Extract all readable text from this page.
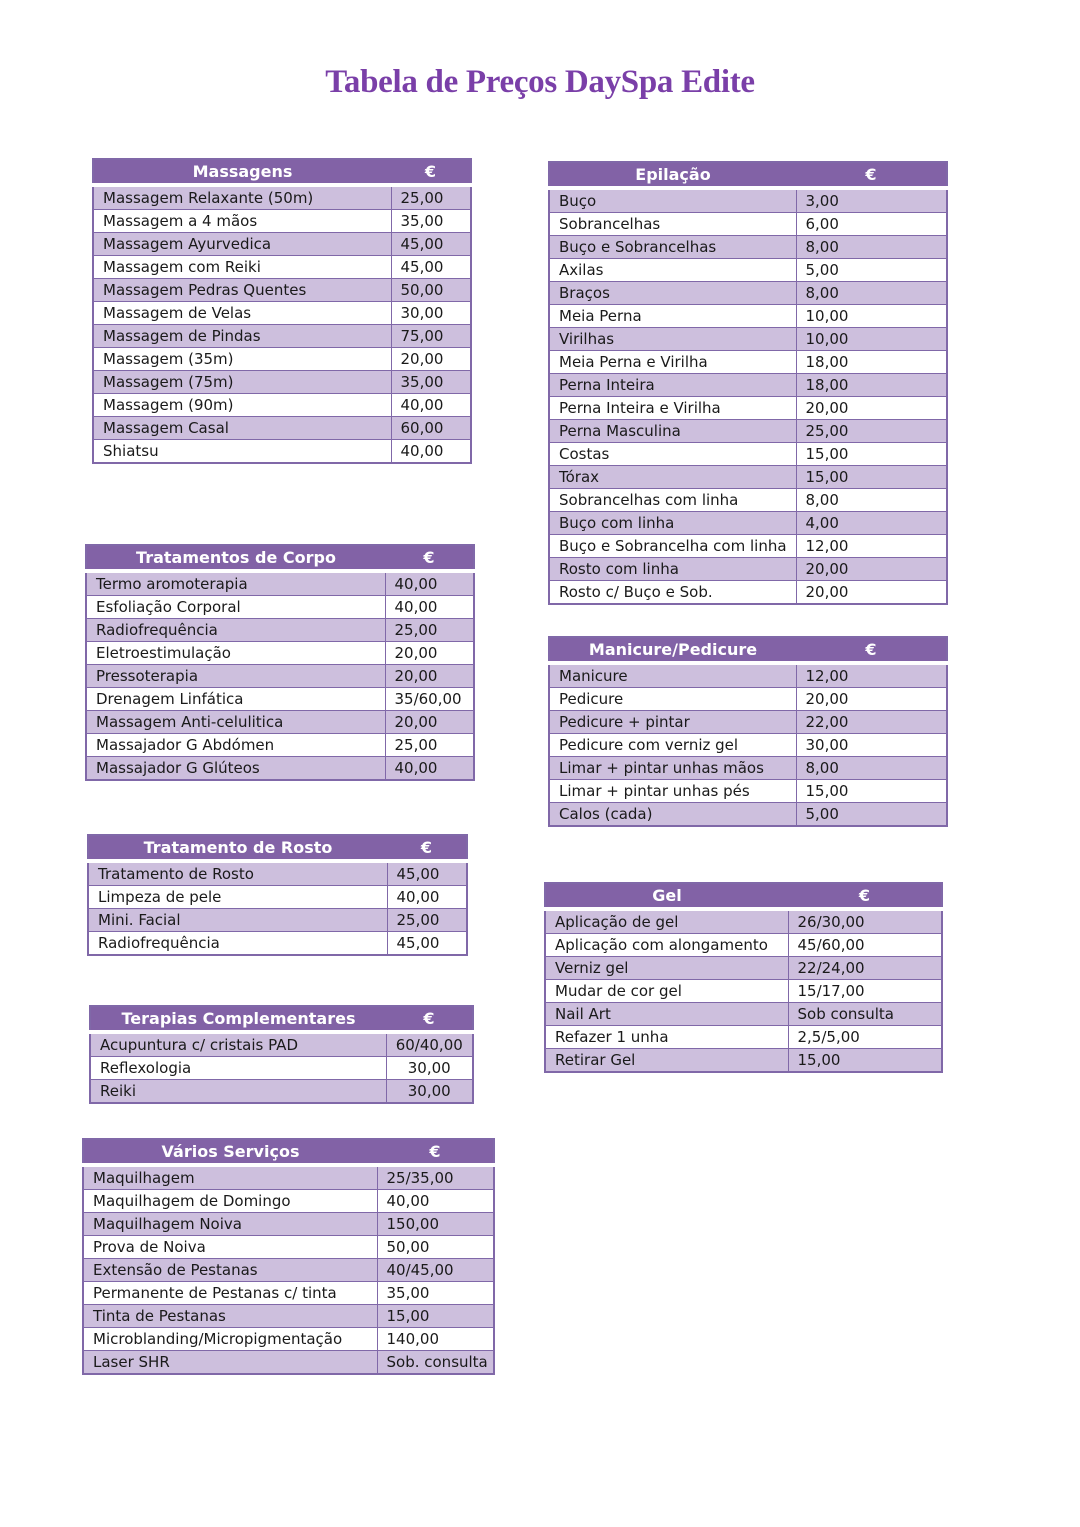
Tabela de Preços DaySpa Edite
Massagens	€
Massagem Relaxante (50m)	25,00
Massagem a 4 mãos	35,00
Massagem Ayurvedica	45,00
Massagem com Reiki	45,00
Massagem Pedras Quentes	50,00
Massagem de Velas	30,00
Massagem de Pindas	75,00
Massagem (35m)	20,00
Massagem (75m)	35,00
Massagem (90m)	40,00
Massagem Casal	60,00
Shiatsu	40,00
Tratamentos de Corpo	€
Termo aromoterapia	40,00
Esfoliação Corporal	40,00
Radiofrequência	25,00
Eletroestimulação	20,00
Pressoterapia	20,00
Drenagem Linfática	35/60,00
Massagem Anti-celulitica	20,00
Massajador G Abdómen	25,00
Massajador G Glúteos	40,00
Tratamento de Rosto	€
Tratamento de Rosto	45,00
Limpeza de pele	40,00
Mini. Facial	25,00
Radiofrequência	45,00
Terapias Complementares	€
Acupuntura c/ cristais PAD	60/40,00
Reflexologia	30,00
Reiki	30,00
Vários Serviços	€
Maquilhagem	25/35,00
Maquilhagem de Domingo	40,00
Maquilhagem Noiva	150,00
Prova de Noiva	50,00
Extensão de Pestanas	40/45,00
Permanente de Pestanas c/ tinta	35,00
Tinta de Pestanas	15,00
Microblanding/Micropigmentação	140,00
Laser SHR	Sob. consulta
Epilação	€
Buço	3,00
Sobrancelhas	6,00
Buço e Sobrancelhas	8,00
Axilas	5,00
Braços	8,00
Meia Perna	10,00
Virilhas	10,00
Meia Perna e Virilha	18,00
Perna Inteira	18,00
Perna Inteira e Virilha	20,00
Perna Masculina	25,00
Costas	15,00
Tórax	15,00
Sobrancelhas com linha	8,00
Buço com linha	4,00
Buço e Sobrancelha com linha	12,00
Rosto com linha	20,00
Rosto c/ Buço e Sob.	20,00
Manicure/Pedicure	€
Manicure	12,00
Pedicure	20,00
Pedicure + pintar	22,00
Pedicure com verniz gel	30,00
Limar + pintar unhas mãos	8,00
Limar + pintar unhas pés	15,00
Calos (cada)	5,00
Gel	€
Aplicação de gel	26/30,00
Aplicação com alongamento	45/60,00
Verniz gel	22/24,00
Mudar de cor gel	15/17,00
Nail Art	Sob consulta
Refazer 1 unha	2,5/5,00
Retirar Gel	15,00
